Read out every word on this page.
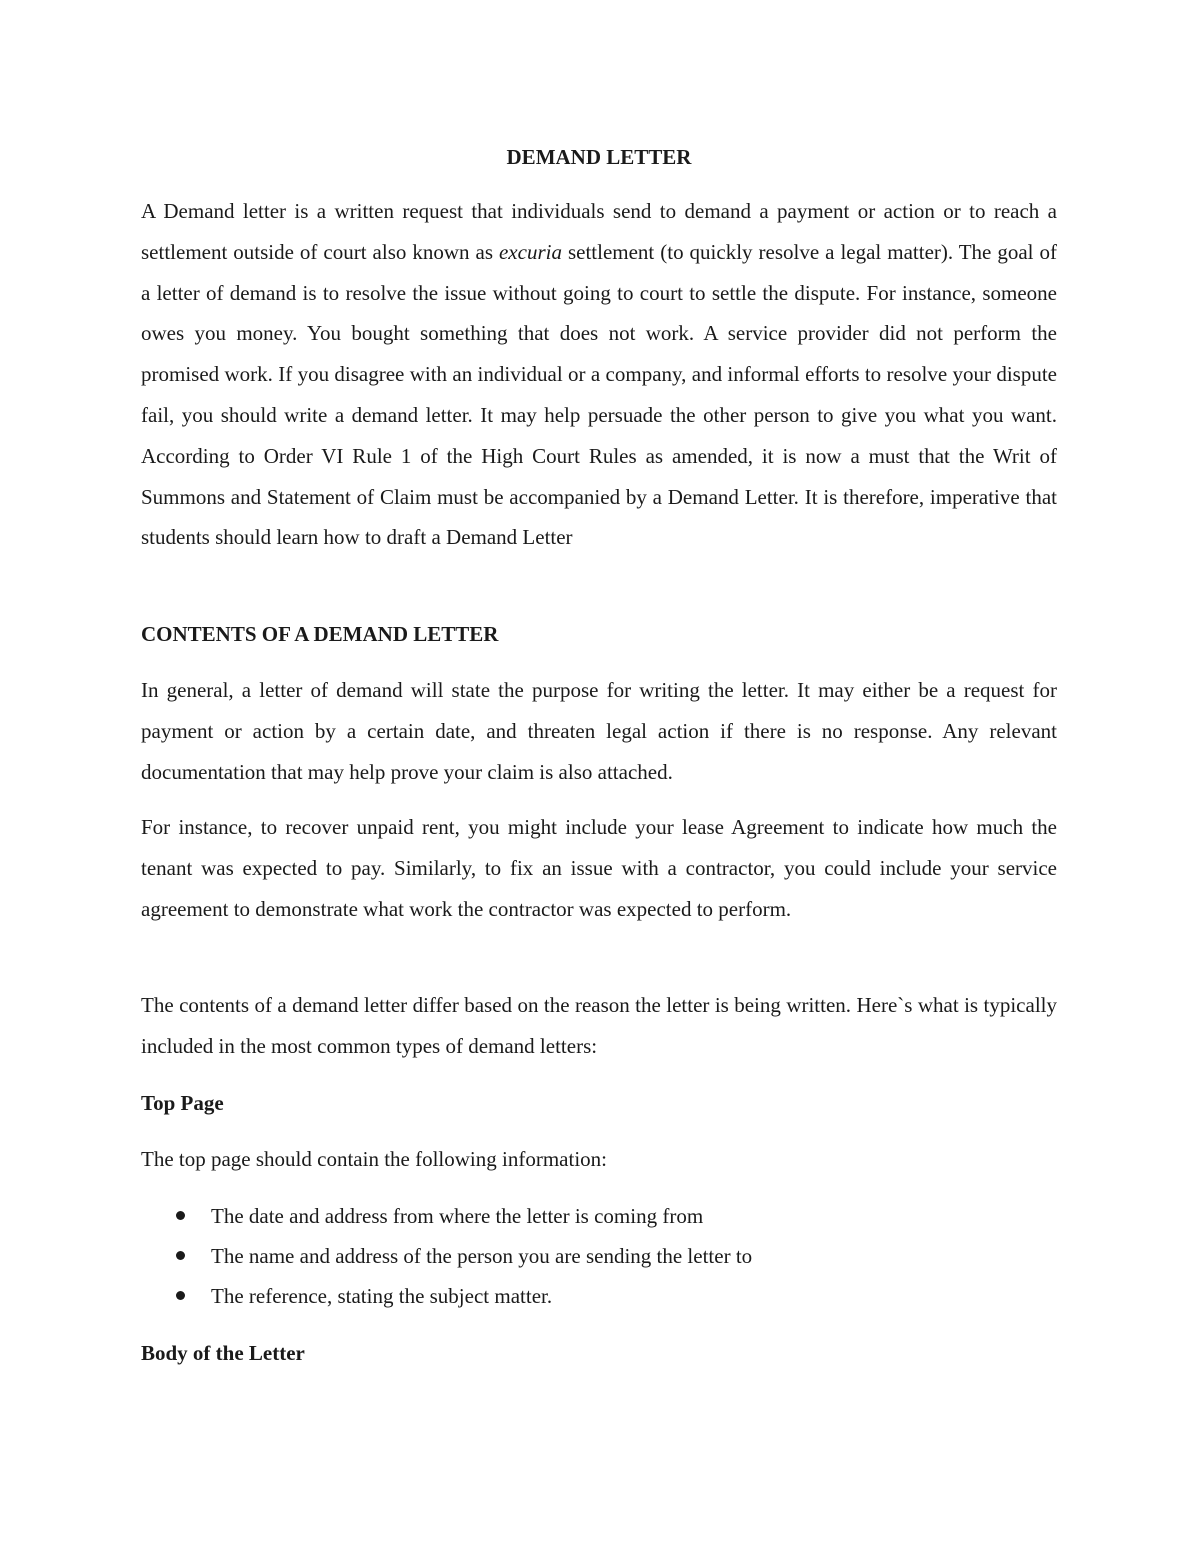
DEMAND LETTER

A Demand letter is a written request that individuals send to demand a payment or action or to reach a settlement outside of court also known as excuria settlement (to quickly resolve a legal matter). The goal of a letter of demand is to resolve the issue without going to court to settle the dispute. For instance, someone owes you money. You bought something that does not work. A service provider did not perform the promised work. If you disagree with an individual or a company, and informal efforts to resolve your dispute fail, you should write a demand letter. It may help persuade the other person to give you what you want. According to Order VI Rule 1 of the High Court Rules as amended, it is now a must that the Writ of Summons and Statement of Claim must be accompanied by a Demand Letter. It is therefore, imperative that students should learn how to draft a Demand Letter

CONTENTS OF A DEMAND LETTER

In general, a letter of demand will state the purpose for writing the letter. It may either be a request for payment or action by a certain date, and threaten legal action if there is no response. Any relevant documentation that may help prove your claim is also attached.

For instance, to recover unpaid rent, you might include your lease Agreement to indicate how much the tenant was expected to pay. Similarly, to fix an issue with a contractor, you could include your service agreement to demonstrate what work the contractor was expected to perform.

The contents of a demand letter differ based on the reason the letter is being written. Here`s what is typically included in the most common types of demand letters:

Top Page

The top page should contain the following information:

The date and address from where the letter is coming from
The name and address of the person you are sending the letter to
The reference, stating the subject matter.
Body of the Letter
